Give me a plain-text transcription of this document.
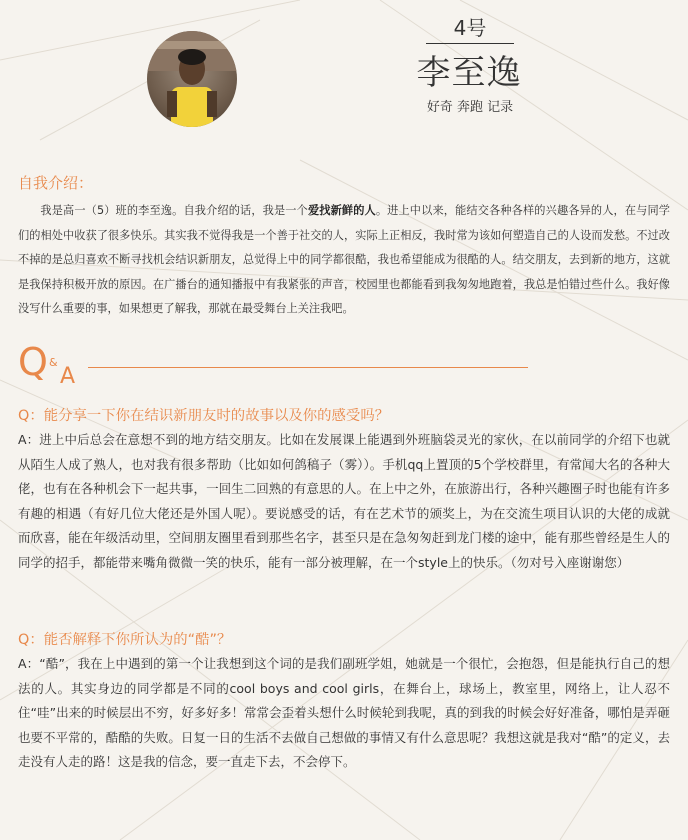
4号
李至逸
好奇 奔跑 记录
自我介绍：
我是高一（5）班的李至逸。自我介绍的话，我是一个爱找新鲜的人。进上中以来，能结交各种各样的兴趣各异的人，在与同学们的相处中收获了很多快乐。其实我不觉得我是一个善于社交的人，实际上正相反，我时常为该如何塑造自己的人设而发愁。不过改不掉的是总归喜欢不断寻找机会结识新朋友，总觉得上中的同学都很酷，我也希望能成为很酷的人。结交朋友，去到新的地方，这就是我保持积极开放的原因。在广播台的通知播报中有我紧张的声音，校园里也都能看到我匆匆地跑着，我总是怕错过些什么。我好像没写什么重要的事，如果想更了解我，那就在最受舞台上关注我吧。
Q &
A
Q：能分享一下你在结识新朋友时的故事以及你的感受吗？
A：进上中后总会在意想不到的地方结交朋友。比如在发展课上能遇到外班脑袋灵光的家伙，在以前同学的介绍下也就从陌生人成了熟人，也对我有很多帮助（比如如何鸽稿子（雾））。手机qq上置顶的5个学校群里，有常闻大名的各种大佬，也有在各种机会下一起共事，一回生二回熟的有意思的人。在上中之外，在旅游出行，各种兴趣圈子时也能有许多有趣的相遇（有好几位大佬还是外国人呢）。要说感受的话，有在艺术节的颁奖上，为在交流生项目认识的大佬的成就而欣喜，能在年级活动里，空间朋友圈里看到那些名字，甚至只是在急匆匆赶到龙门楼的途中，能有那些曾经是生人的同学的招手，都能带来嘴角微微一笑的快乐，能有一部分被理解，在一个style上的快乐。（勿对号入座谢谢您）
Q：能否解释下你所认为的“酷”？
A：“酷”，我在上中遇到的第一个让我想到这个词的是我们副班学姐，她就是一个很忙，会抱怨，但是能执行自己的想法的人。其实身边的同学都是不同的cool boys and cool girls，在舞台上，球场上，教室里，网络上，让人忍不住“哇”出来的时候层出不穷，好多好多！常常会歪着头想什么时候轮到我呢，真的到我的时候会好好准备，哪怕是弄砸也要不平常的，酷酷的失败。日复一日的生活不去做自己想做的事情又有什么意思呢？我想这就是我对“酷”的定义，去走没有人走的路！这是我的信念，要一直走下去，不会停下。
